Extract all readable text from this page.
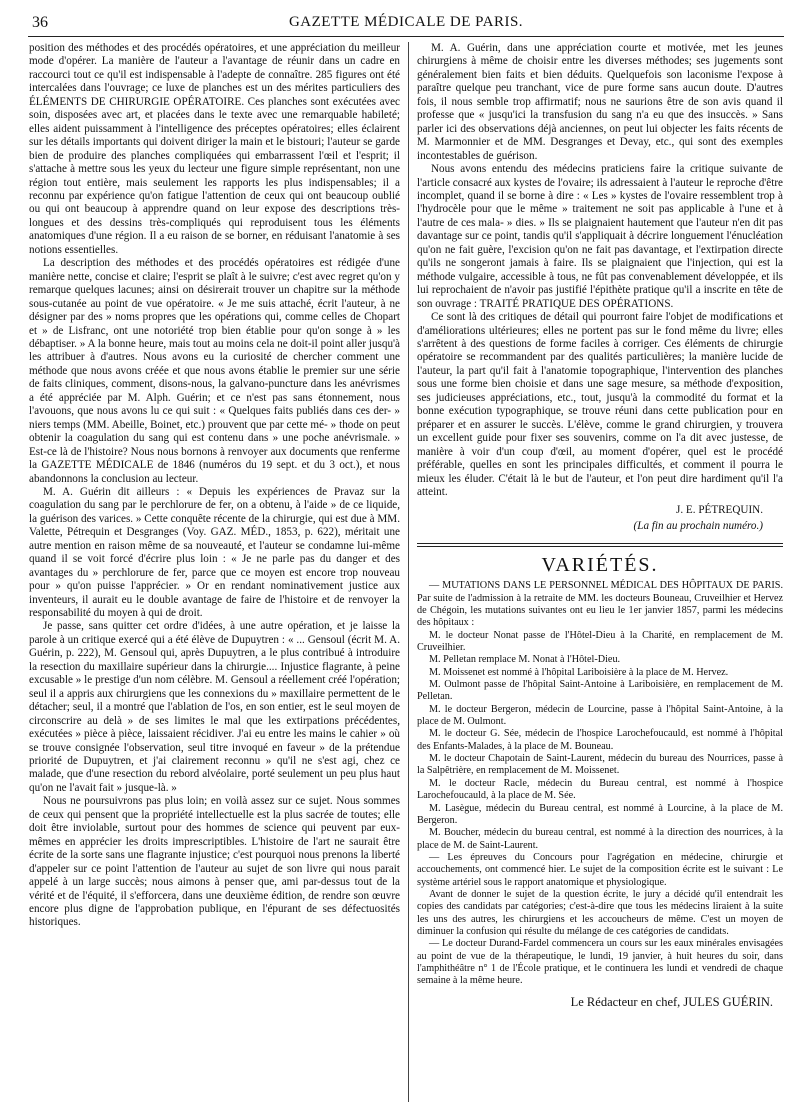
36	GAZETTE MÉDICALE DE PARIS.

position des méthodes et des procédés opératoires, et une appréciation du meilleur mode d'opérer. La manière de l'auteur a l'avantage de réunir dans un cadre en raccourci tout ce qu'il est indispensable à l'adepte de connaître. 285 figures ont été intercalées dans l'ouvrage; ce luxe de planches est un des mérites particuliers des ÉLÉMENTS DE CHIRURGIE OPÉRATOIRE. Ces planches sont exécutées avec soin, disposées avec art, et placées dans le texte avec une remarquable habileté; elles aident puissamment à l'intelligence des préceptes opératoires; elles éclairent sur les détails importants qui doivent diriger la main et le bistouri; l'auteur se garde bien de produire des planches compliquées qui embarrassent l'œil et l'esprit; il s'attache à mettre sous les yeux du lecteur une figure simple représentant, non une région tout entière, mais seulement les rapports les plus indispensables; il a reconnu par expérience qu'on fatigue l'attention de ceux qui ont beaucoup oublié ou qui ont beaucoup à apprendre quand on leur expose des descriptions très-longues et des dessins très-compliqués qui reproduisent tous les éléments anatomiques d'une région. Il a eu raison de se borner, en réduisant l'anatomie à ses notions essentielles.

La description des méthodes et des procédés opératoires est rédigée d'une manière nette, concise et claire; l'esprit se plaît à le suivre; c'est avec regret qu'on y remarque quelques lacunes; ainsi on désirerait trouver un chapitre sur la méthode sous-cutanée au point de vue opératoire. « Je me suis attaché, écrit l'auteur, à ne désigner par des » noms propres que les opérations qui, comme celles de Chopart et » de Lisfranc, ont une notoriété trop bien établie pour qu'on songe à » les débaptiser. » A la bonne heure, mais tout au moins cela ne doit-il point aller jusqu'à les attribuer à d'autres. Nous avons eu la curiosité de chercher comment une méthode que nous avons créée et que nous avons établie le premier sur une série de faits cliniques, comment, disons-nous, la galvano-puncture dans les anévrismes a été appréciée par M. Alph. Guérin; et ce n'est pas sans étonnement, nous l'avouons, que nous avons lu ce qui suit : « Quelques faits publiés dans ces der- » niers temps (MM. Abeille, Boinet, etc.) prouvent que par cette mé- » thode on peut obtenir la coagulation du sang qui est contenu dans » une poche anévrismale. » Est-ce là de l'histoire? Nous nous bornons à renvoyer aux documents que renferme la GAZETTE MÉDICALE de 1846 (numéros du 19 sept. et du 3 oct.), et nous abandonnons la conclusion au lecteur.

M. A. Guérin dit ailleurs : « Depuis les expériences de Pravaz sur la coagulation du sang par le perchlorure de fer, on a obtenu, à l'aide » de ce liquide, la guérison des varices. » Cette conquête récente de la chirurgie, qui est due à MM. Valette, Pétrequin et Desgranges (Voy. GAZ. MÉD., 1853, p. 622), méritait une autre mention en raison même de sa nouveauté, et l'auteur se condamne lui-même quand il se voit forcé d'écrire plus loin : « Je ne parle pas du danger et des avantages du » perchlorure de fer, parce que ce moyen est encore trop nouveau pour » qu'on puisse l'apprécier. » Or en rendant nominativement justice aux inventeurs, il aurait eu le double avantage de faire de l'histoire et de renvoyer la responsabilité du moyen à qui de droit.

Je passe, sans quitter cet ordre d'idées, à une autre opération, et je laisse la parole à un critique exercé qui a été élève de Dupuytren : « ... Gensoul (écrit M. A. Guérin, p. 222), M. Gensoul qui, après Dupuytren, a le plus contribué à introduire la resection du maxillaire supérieur dans la chirurgie.... Injustice flagrante, à peine excusable » le prestige d'un nom célèbre. M. Gensoul a réellement créé l'opération; seul il a appris aux chirurgiens que les connexions du » maxillaire permettent de le détacher; seul, il a montré que l'ablation de l'os, en son entier, est le seul moyen de circonscrire au delà » de ses limites le mal que les extirpations précédentes, exécutées » pièce à pièce, laissaient récidiver. J'ai eu entre les mains le cahier » où se trouve consignée l'observation, seul titre invoqué en faveur » de la prétendue priorité de Dupuytren, et j'ai clairement reconnu » qu'il ne s'est agi, chez ce malade, que d'une resection du rebord alvéolaire, porté seulement un peu plus haut qu'on ne l'avait fait » jusque-là. »

Nous ne poursuivrons pas plus loin; en voilà assez sur ce sujet. Nous sommes de ceux qui pensent que la propriété intellectuelle est la plus sacrée de toutes; elle doit être inviolable, surtout pour des hommes de science qui peuvent par eux-mêmes en apprécier les droits imprescriptibles. L'histoire de l'art ne saurait être écrite de la sorte sans une flagrante injustice; c'est pourquoi nous prenons la liberté d'appeler sur ce point l'attention de l'auteur au sujet de son livre qui nous parait appelé à un large succès; nous aimons à penser que, ami par-dessus tout de la vérité et de l'équité, il s'efforcera, dans une deuxième édition, de rendre son œuvre encore plus digne de l'approbation publique, en l'épurant de ses défectuosités historiques.

M. A. Guérin, dans une appréciation courte et motivée, met les jeunes chirurgiens à même de choisir entre les diverses méthodes; ses jugements sont généralement bien faits et bien déduits. Quelquefois son laconisme l'expose à paraître quelque peu tranchant, vice de pure forme sans aucun doute. D'autres fois, il nous semble trop affirmatif; nous ne saurions être de son avis quand il professe que « jusqu'ici la transfusion du sang n'a eu que des insuccès. » Sans parler ici des observations déjà anciennes, on peut lui objecter les faits récents de M. Marmonnier et de MM. Desgranges et Devay, etc., qui sont des exemples incontestables de guérison.

Nous avons entendu des médecins praticiens faire la critique suivante de l'article consacré aux kystes de l'ovaire; ils adressaient à l'auteur le reproche d'être incomplet, quand il se borne à dire : « Les » kystes de l'ovaire ressemblent trop à l'hydrocèle pour que le même » traitement ne soit pas applicable à l'une et à l'autre de ces mala- » dies. » Ils se plaignaient hautement que l'auteur n'en dit pas davantage sur ce point, tandis qu'il s'appliquait à décrire longuement l'énucléation qu'on ne fait guère, l'excision qu'on ne fait pas davantage, et l'extirpation directe qu'ils ne songeront jamais à faire. Ils se plaignaient que l'injection, qui est la méthode vulgaire, accessible à tous, ne fût pas convenablement développée, et ils lui reprochaient de n'avoir pas justifié l'épithète pratique qu'il a inscrite en tête de son ouvrage : TRAITÉ PRATIQUE DES OPÉRATIONS.

Ce sont là des critiques de détail qui pourront faire l'objet de modifications et d'améliorations ultérieures; elles ne portent pas sur le fond même du livre; elles s'arrêtent à des questions de forme faciles à corriger. Ces éléments de chirurgie opératoire se recommandent par des qualités particulières; la manière lucide de l'auteur, la part qu'il fait à l'anatomie topographique, l'intervention des planches sous une forme bien choisie et dans une sage mesure, sa méthode d'exposition, ses judicieuses appréciations, etc., tout, jusqu'à la commodité du format et la bonne exécution typographique, se trouve réuni dans cette publication pour en préparer et en assurer le succès. L'élève, comme le grand chirurgien, y trouvera un excellent guide pour fixer ses souvenirs, comme on l'a dit avec justesse, de manière à voir d'un coup d'œil, au moment d'opérer, quel est le procédé préférable, quelles en sont les principales difficultés, et comment il pourra le mieux les éluder. C'était là le but de l'auteur, et l'on peut dire hardiment qu'il l'a atteint.

J. E. PÉTREQUIN.

(La fin au prochain numéro.)

VARIÉTÉS.

— MUTATIONS DANS LE PERSONNEL MÉDICAL DES HÔPITAUX DE PARIS. Par suite de l'admission à la retraite de MM. les docteurs Bouneau, Cruveilhier et Hervez de Chégoin, les mutations suivantes ont eu lieu le 1er janvier 1857, parmi les médecins des hôpitaux :

M. le docteur Nonat passe de l'Hôtel-Dieu à la Charité, en remplacement de M. Cruveilhier.

M. Pelletan remplace M. Nonat à l'Hôtel-Dieu.

M. Moissenet est nommé à l'hôpital Lariboisière à la place de M. Hervez.

M. Oulmont passe de l'hôpital Saint-Antoine à Lariboisière, en remplacement de M. Pelletan.

M. le docteur Bergeron, médecin de Lourcine, passe à l'hôpital Saint-Antoine, à la place de M. Oulmont.

M. le docteur G. Sée, médecin de l'hospice Larochefoucauld, est nommé à l'hôpital des Enfants-Malades, à la place de M. Bouneau.

M. le docteur Chapotain de Saint-Laurent, médecin du bureau des Nourrices, passe à la Salpêtrière, en remplacement de M. Moissenet.

M. le docteur Racle, médecin du Bureau central, est nommé à l'hospice Larochefoucauld, à la place de M. Sée.

M. Lasègue, médecin du Bureau central, est nommé à Lourcine, à la place de M. Bergeron.

M. Boucher, médecin du bureau central, est nommé à la direction des nourrices, à la place de M. de Saint-Laurent.

— Les épreuves du Concours pour l'agrégation en médecine, chirurgie et accouchements, ont commencé hier. Le sujet de la composition écrite est le suivant : Le système artériel sous le rapport anatomique et physiologique.

Avant de donner le sujet de la question écrite, le jury a décidé qu'il entendrait les copies des candidats par catégories; c'est-à-dire que tous les médecins liraient à la suite les uns des autres, les chirurgiens et les accoucheurs de même. C'est un moyen de diminuer la confusion qui résulte du mélange de ces catégories de candidats.

— Le docteur Durand-Fardel commencera un cours sur les eaux minérales envisagées au point de vue de la thérapeutique, le lundi, 19 janvier, à huit heures du soir, dans l'amphithéâtre n° 1 de l'École pratique, et le continuera les lundi et vendredi de chaque semaine à la même heure.

Le Rédacteur en chef, JULES GUÉRIN.
